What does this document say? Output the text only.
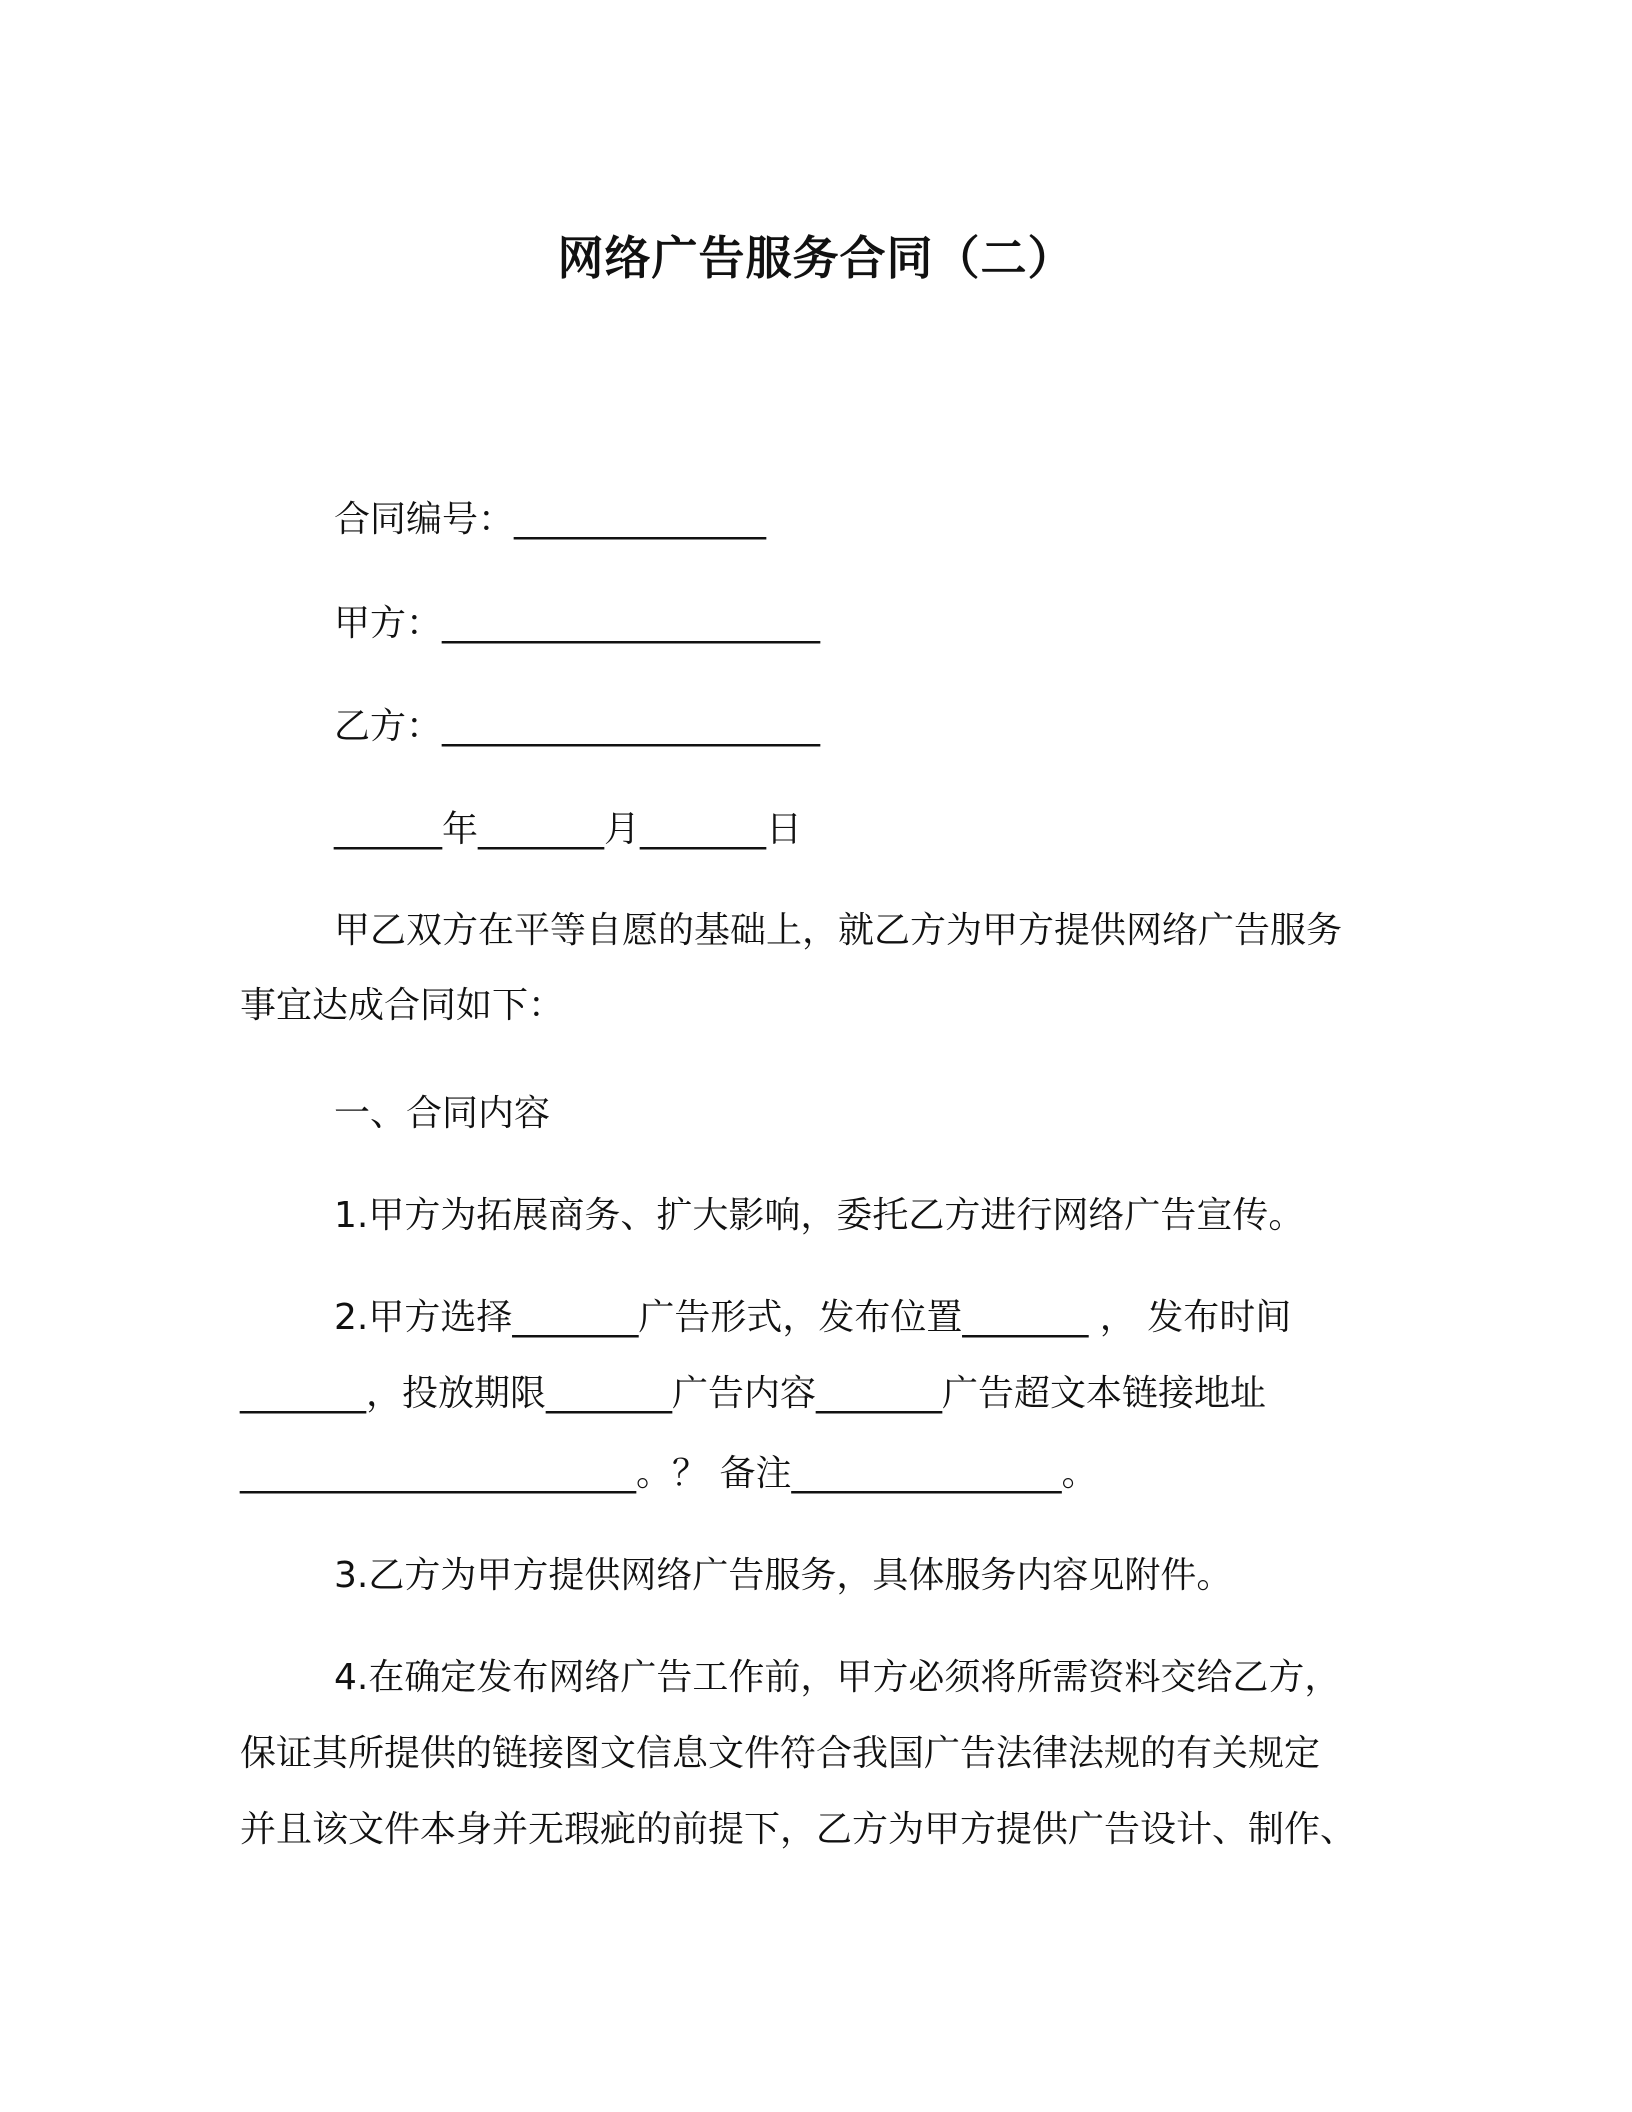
网络广告服务合同（二）
合同编号：______________
甲方：_____________________
乙方：_____________________
______年_______月_______日
甲乙双方在平等自愿的基础上，就乙方为甲方提供网络广告服务
事宜达成合同如下：
一、合同内容
1.甲方为拓展商务、扩大影响，委托乙方进行网络广告宣传。
2.甲方选择_______广告形式，发布位置_______ ， 发布时间
_______，投放期限_______广告内容_______广告超文本链接地址
______________________。？ 备注_______________。
3.乙方为甲方提供网络广告服务，具体服务内容见附件。
4.在确定发布网络广告工作前，甲方必须将所需资料交给乙方，
保证其所提供的链接图文信息文件符合我国广告法律法规的有关规定
并且该文件本身并无瑕疵的前提下，乙方为甲方提供广告设计、制作、
